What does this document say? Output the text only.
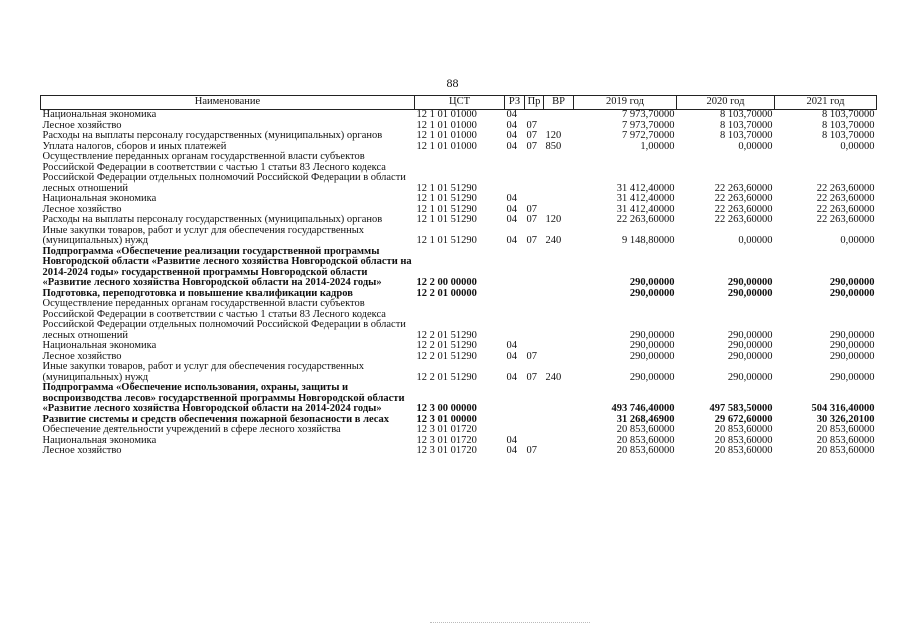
88
Наименование	ЦСТ	РЗ	Пр	ВР	2019 год	2020 год	2021 год
Национальная экономика	12 1 01 01000	04			7 973,70000	8 103,70000	8 103,70000
Лесное хозяйство	12 1 01 01000	04	07		7 973,70000	8 103,70000	8 103,70000
Расходы на выплаты персоналу государственных (муниципальных) органов	12 1 01 01000	04	07	120	7 972,70000	8 103,70000	8 103,70000
Уплата налогов, сборов и иных платежей	12 1 01 01000	04	07	850	1,00000	0,00000	0,00000
Осуществление переданных органам государственной власти субъектов Российской Федерации в соответствии с частью 1 статьи 83 Лесного кодекса Российской Федерации отдельных полномочий Российской Федерации в области лесных отношений	12 1 01 51290				31 412,40000	22 263,60000	22 263,60000
Национальная экономика	12 1 01 51290	04			31 412,40000	22 263,60000	22 263,60000
Лесное хозяйство	12 1 01 51290	04	07		31 412,40000	22 263,60000	22 263,60000
Расходы на выплаты персоналу государственных (муниципальных) органов	12 1 01 51290	04	07	120	22 263,60000	22 263,60000	22 263,60000
Иные закупки товаров, работ и услуг для обеспечения государственных (муниципальных) нужд	12 1 01 51290	04	07	240	9 148,80000	0,00000	0,00000
Подпрограмма «Обеспечение реализации государственной программы Новгородской области «Развитие лесного хозяйства Новгородской области на 2014-2024 годы» государственной программы Новгородской области «Развитие лесного хозяйства Новгородской области на 2014-2024 годы»	12 2 00 00000				290,00000	290,00000	290,00000
Подготовка, переподготовка и повышение квалификации кадров	12 2 01 00000				290,00000	290,00000	290,00000
Осуществление переданных органам государственной власти субъектов Российской Федерации в соответствии с частью 1 статьи 83 Лесного кодекса Российской Федерации отдельных полномочий Российской Федерации в области лесных отношений	12 2 01 51290				290,00000	290,00000	290,00000
Национальная экономика	12 2 01 51290	04			290,00000	290,00000	290,00000
Лесное хозяйство	12 2 01 51290	04	07		290,00000	290,00000	290,00000
Иные закупки товаров, работ и услуг для обеспечения государственных (муниципальных) нужд	12 2 01 51290	04	07	240	290,00000	290,00000	290,00000
Подпрограмма «Обеспечение использования, охраны, защиты и воспроизводства лесов» государственной программы Новгородской области «Развитие лесного хозяйства Новгородской области на 2014-2024 годы»	12 3 00 00000				493 746,40000	497 583,50000	504 316,40000
Развитие системы и средств обеспечения пожарной безопасности в лесах	12 3 01 00000				31 268,46900	29 672,60000	30 326,20100
Обеспечение деятельности учреждений в сфере лесного хозяйства	12 3 01 01720				20 853,60000	20 853,60000	20 853,60000
Национальная экономика	12 3 01 01720	04			20 853,60000	20 853,60000	20 853,60000
Лесное хозяйство	12 3 01 01720	04	07		20 853,60000	20 853,60000	20 853,60000
